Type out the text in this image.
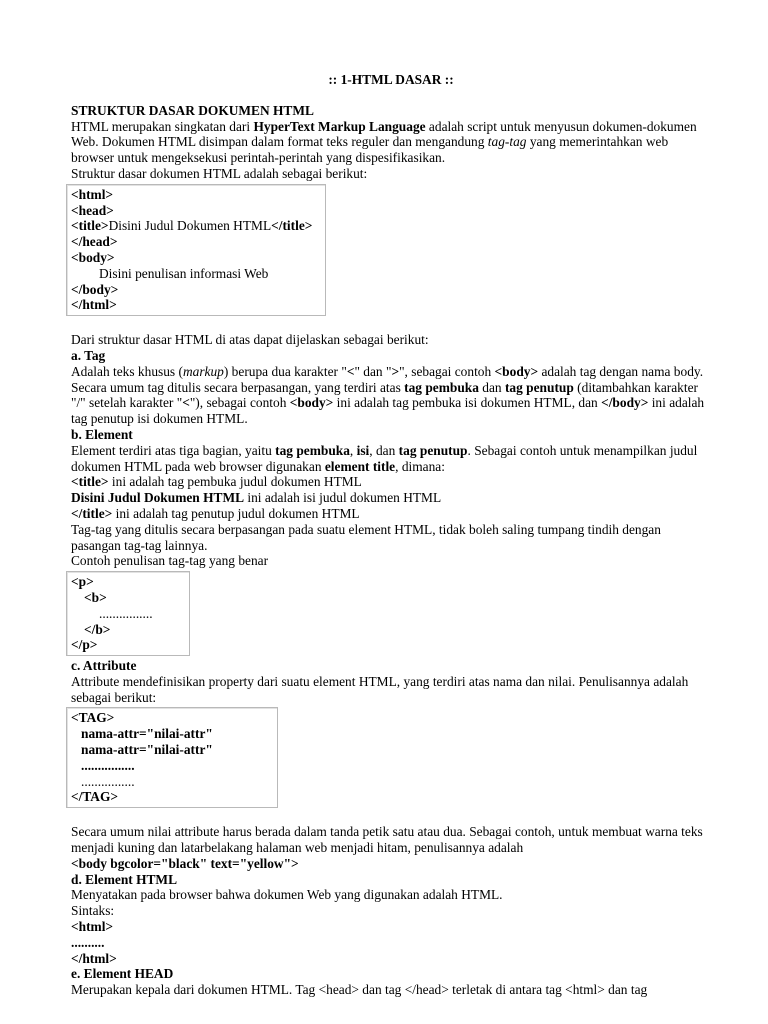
:: 1-HTML DASAR ::
STRUKTUR DASAR DOKUMEN HTML

HTML merupakan singkatan dari HyperText Markup Language adalah script untuk menyusun dokumen-dokumen Web. Dokumen HTML disimpan dalam format teks reguler dan mengandung tag-tag yang memerintahkan web browser untuk mengeksekusi perintah-perintah yang dispesifikasikan.

Struktur dasar dokumen HTML adalah sebagai berikut:

<html>
<head>
<title>Disini Judul Dokumen HTML</title>
</head>
<body>
Disini penulisan informasi Web
</body>
</html>

Dari struktur dasar HTML di atas dapat dijelaskan sebagai berikut:

a. Tag

Adalah teks khusus (markup) berupa dua karakter "<" dan ">", sebagai contoh <body> adalah tag dengan nama body.

Secara umum tag ditulis secara berpasangan, yang terdiri atas tag pembuka dan tag penutup (ditambahkan karakter "/" setelah karakter "<"), sebagai contoh <body> ini adalah tag pembuka isi dokumen HTML, dan </body> ini adalah tag penutup isi dokumen HTML.

b. Element

Element terdiri atas tiga bagian, yaitu tag pembuka, isi, dan tag penutup. Sebagai contoh untuk menampilkan judul dokumen HTML pada web browser digunakan element title, dimana:

<title> ini adalah tag pembuka judul dokumen HTML

Disini Judul Dokumen HTML ini adalah isi judul dokumen HTML

</title> ini adalah tag penutup judul dokumen HTML

Tag-tag yang ditulis secara berpasangan pada suatu element HTML, tidak boleh saling tumpang tindih dengan pasangan tag-tag lainnya.

Contoh penulisan tag-tag yang benar

<p>
<b>
................
</b>
</p>
c. Attribute

Attribute mendefinisikan property dari suatu element HTML, yang terdiri atas nama dan nilai. Penulisannya adalah sebagai berikut:

<TAG>
nama-attr="nilai-attr"
nama-attr="nilai-attr"
................
................
</TAG>

Secara umum nilai attribute harus berada dalam tanda petik satu atau dua. Sebagai contoh, untuk membuat warna teks menjadi kuning dan latarbelakang halaman web menjadi hitam, penulisannya adalah

<body bgcolor="black" text="yellow">

d. Element HTML

Menyatakan pada browser bahwa dokumen Web yang digunakan adalah HTML.

Sintaks:

<html>

..........

</html>

e. Element HEAD

Merupakan kepala dari dokumen HTML. Tag <head> dan tag </head> terletak di antara tag <html> dan tag
